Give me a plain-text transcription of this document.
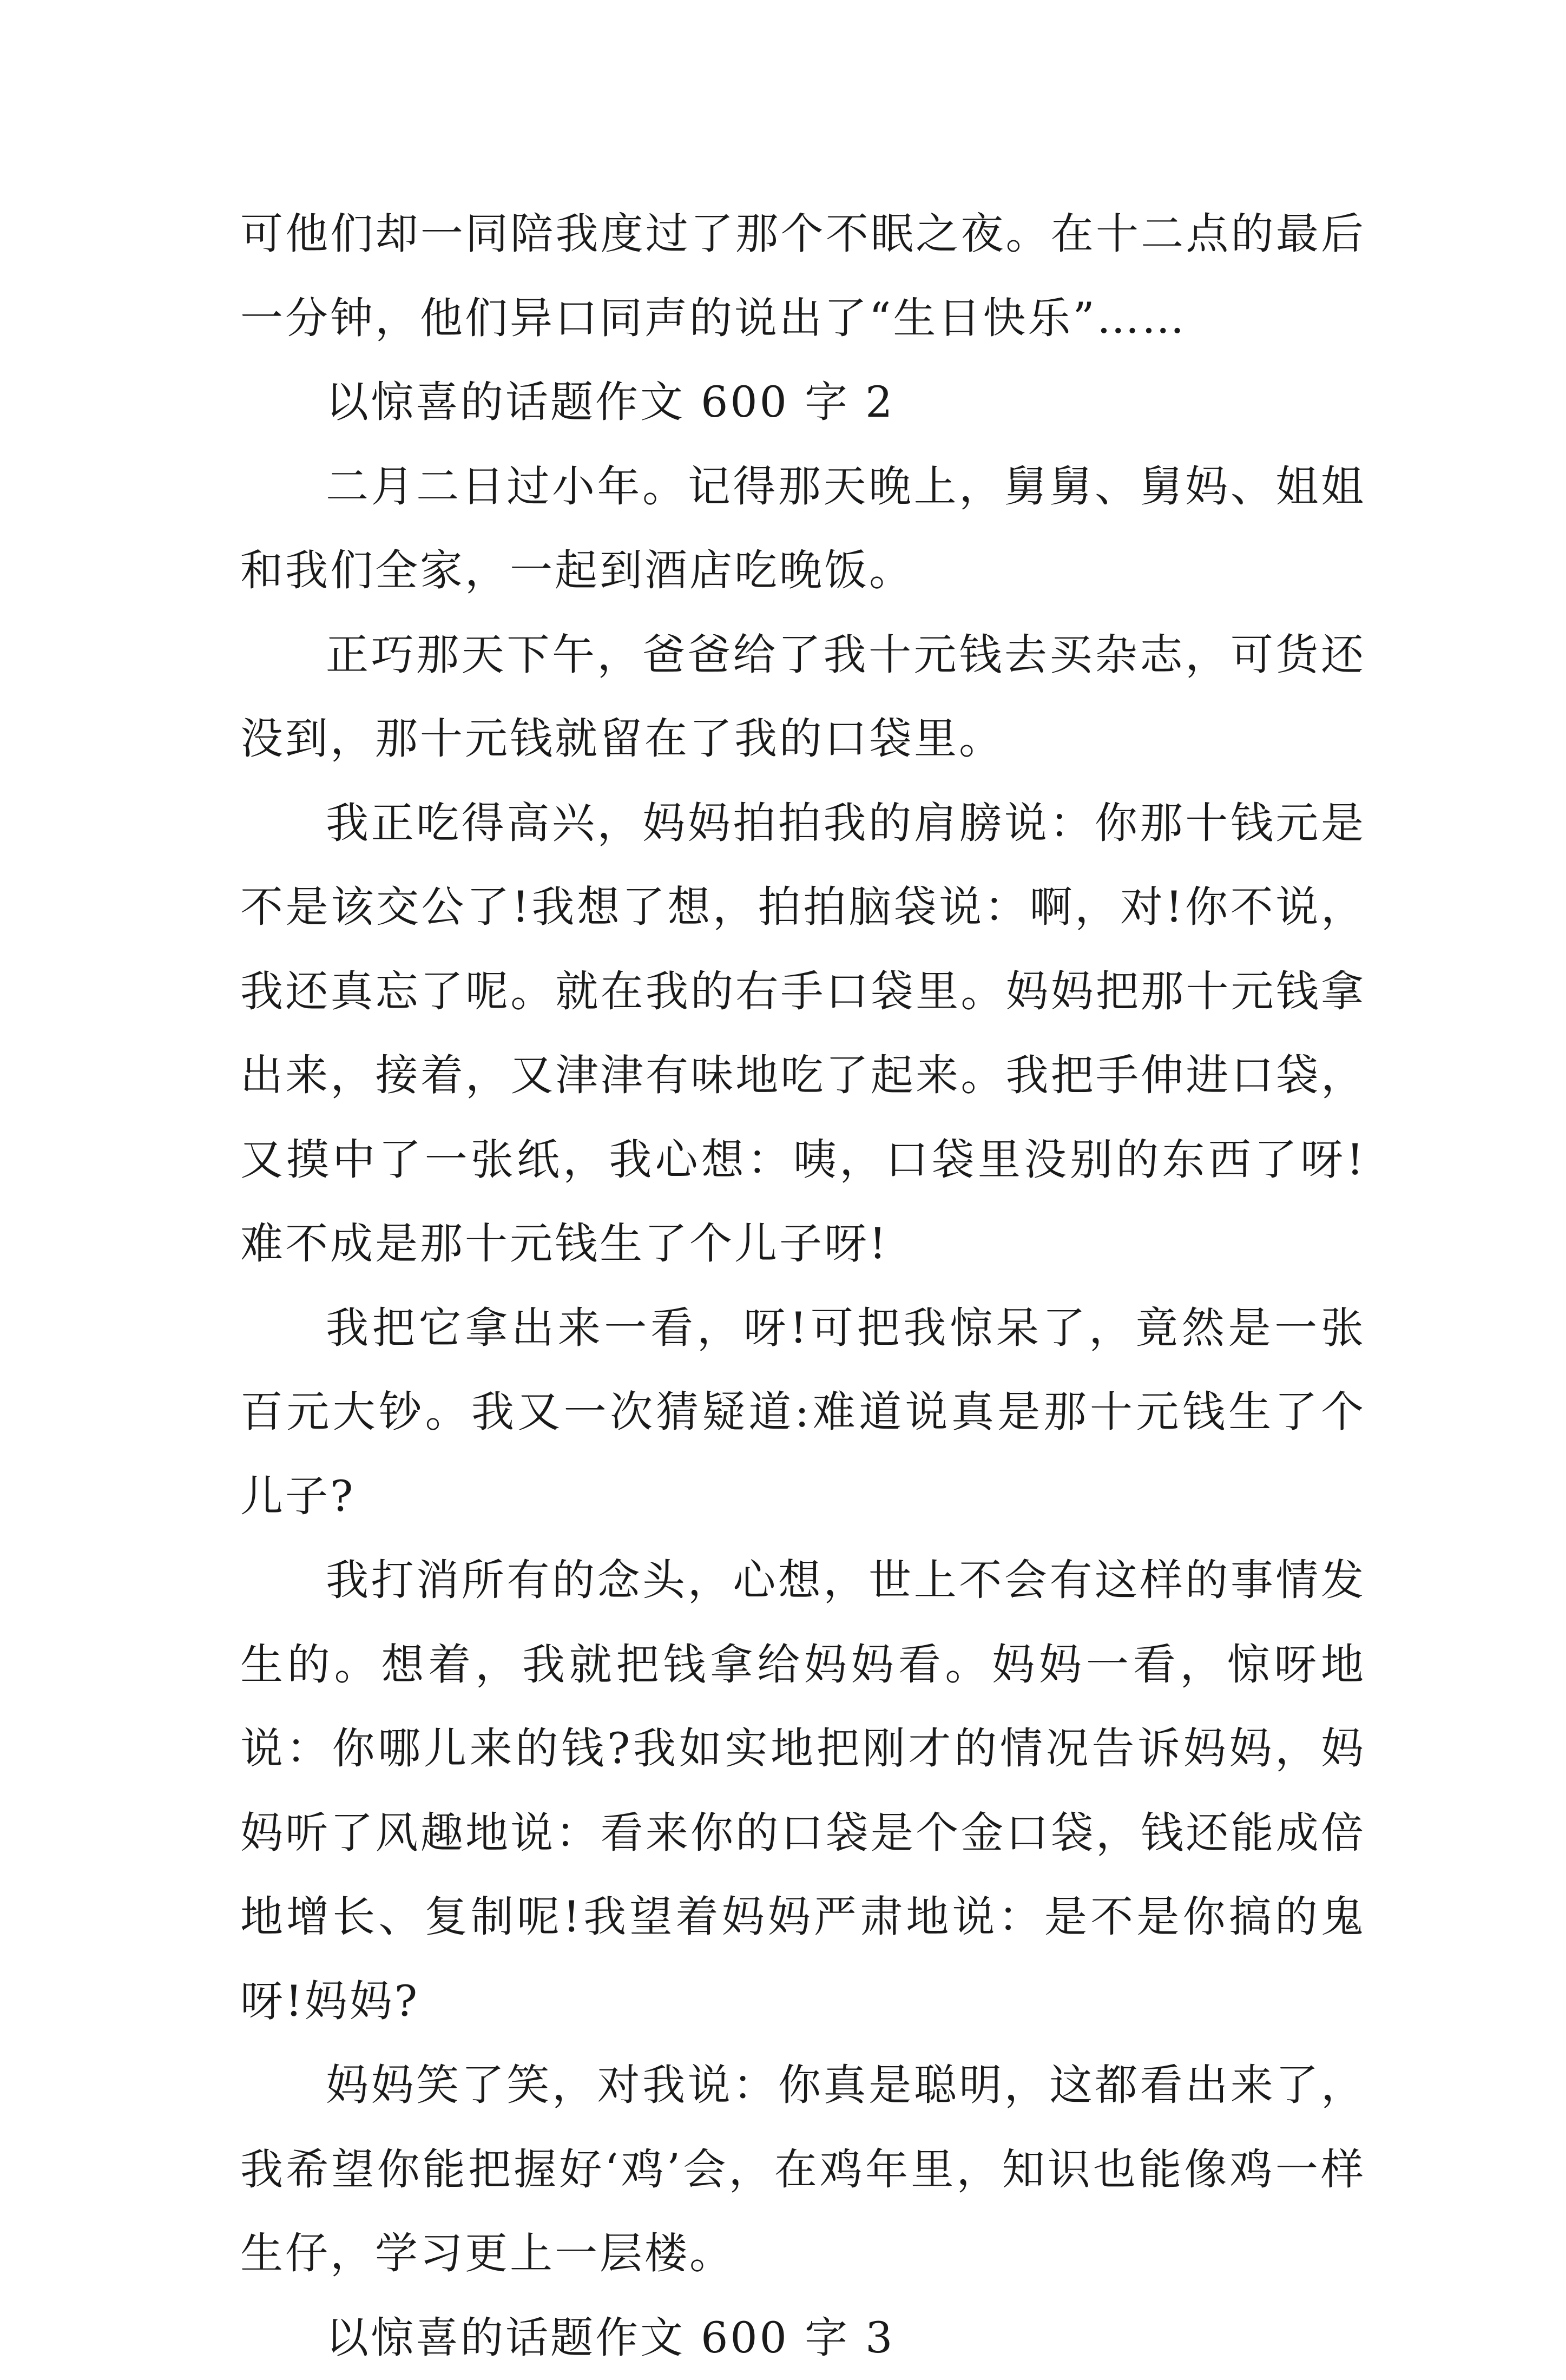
可他们却一同陪我度过了那个不眠之夜。在十二点的最后一分钟，他们异口同声的说出了“生日快乐”……

以惊喜的话题作文 600 字 2

二月二日过小年。记得那天晚上，舅舅、舅妈、姐姐和我们全家，一起到酒店吃晚饭。

正巧那天下午，爸爸给了我十元钱去买杂志，可货还没到，那十元钱就留在了我的口袋里。

我正吃得高兴，妈妈拍拍我的肩膀说：你那十钱元是不是该交公了!我想了想，拍拍脑袋说：啊，对!你不说，我还真忘了呢。就在我的右手口袋里。妈妈把那十元钱拿出来，接着，又津津有味地吃了起来。我把手伸进口袋，又摸中了一张纸，我心想：咦，口袋里没别的东西了呀!难不成是那十元钱生了个儿子呀!

我把它拿出来一看，呀!可把我惊呆了，竟然是一张百元大钞。我又一次猜疑道:难道说真是那十元钱生了个儿子?

我打消所有的念头，心想，世上不会有这样的事情发生的。想着，我就把钱拿给妈妈看。妈妈一看，惊呀地说：你哪儿来的钱?我如实地把刚才的情况告诉妈妈，妈妈听了风趣地说：看来你的口袋是个金口袋，钱还能成倍地增长、复制呢!我望着妈妈严肃地说：是不是你搞的鬼呀!妈妈?

妈妈笑了笑，对我说：你真是聪明，这都看出来了，我希望你能把握好‘鸡’会，在鸡年里，知识也能像鸡一样生仔，学习更上一层楼。

以惊喜的话题作文 600 字 3
